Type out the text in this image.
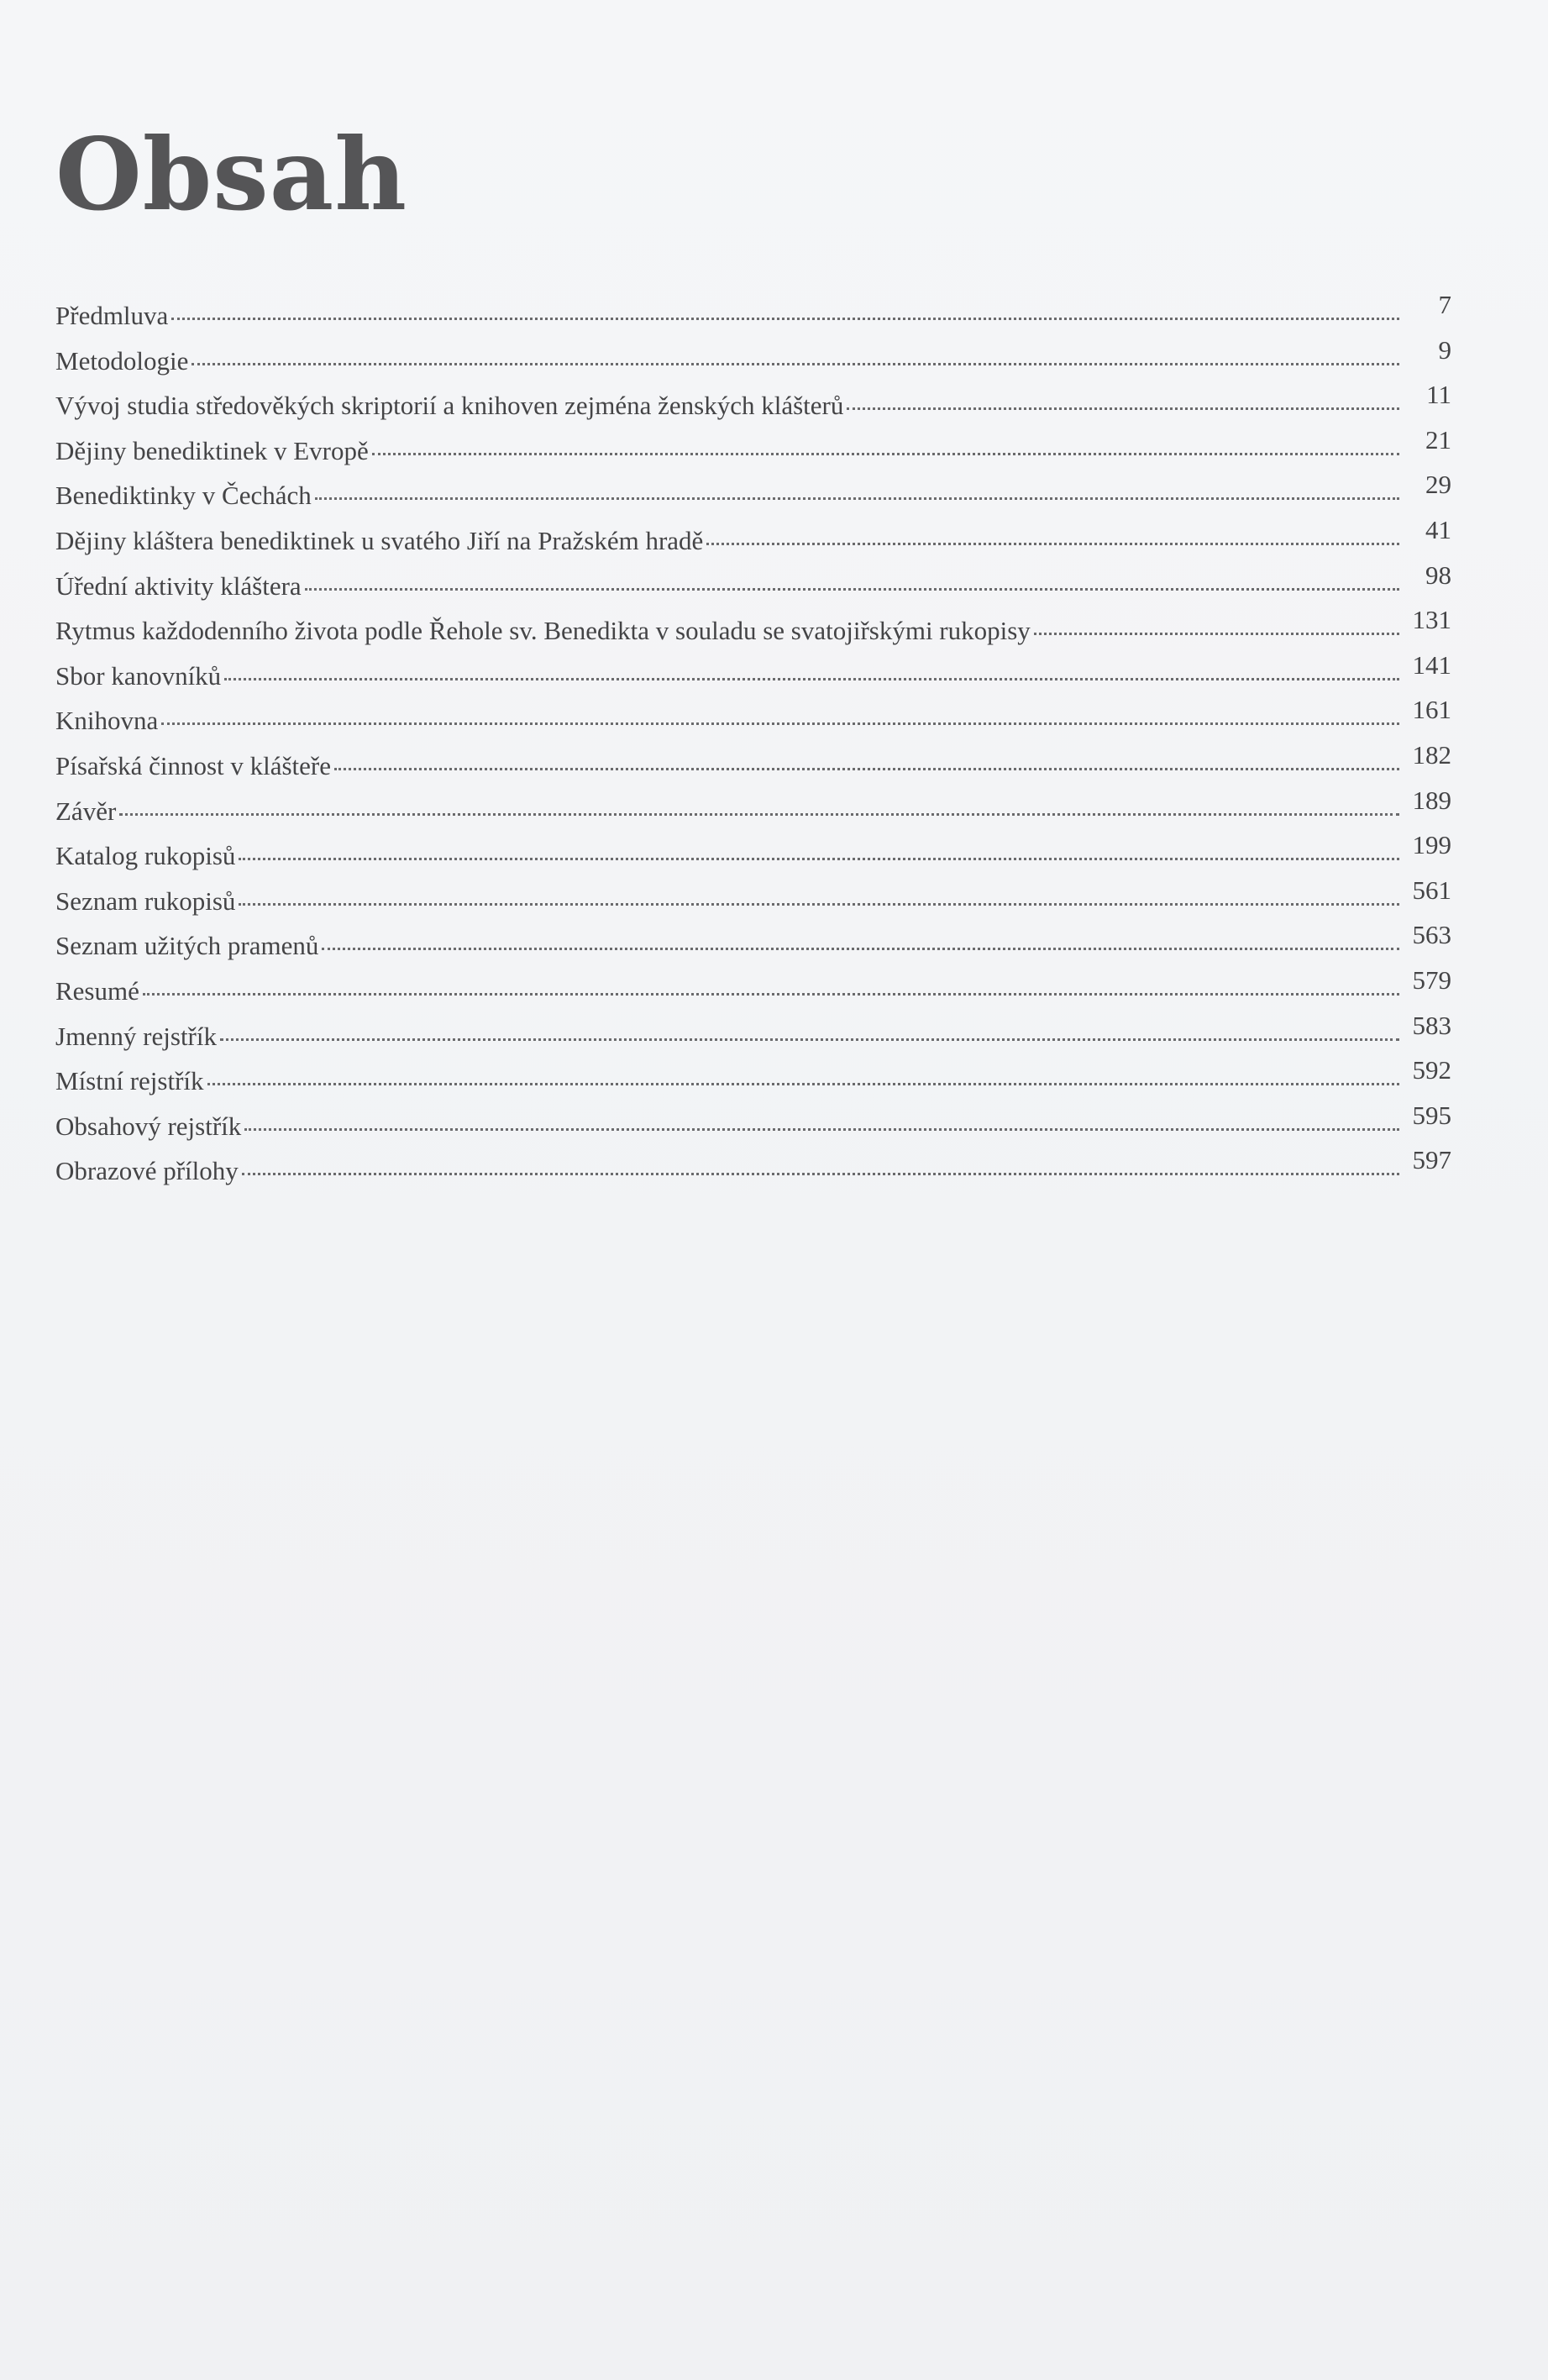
Obsah
Předmluva	7
Metodologie	9
Vývoj studia středověkých skriptorií a knihoven zejména ženských klášterů	11
Dějiny benediktinek v Evropě	21
Benediktinky v Čechách	29
Dějiny kláštera benediktinek u svatého Jiří na Pražském hradě	41
Úřední aktivity kláštera	98
Rytmus každodenního života podle Řehole sv. Benedikta v souladu se svatojiřskými rukopisy	131
Sbor kanovníků	141
Knihovna	161
Písařská činnost v klášteře	182
Závěr	189
Katalog rukopisů	199
Seznam rukopisů	561
Seznam užitých pramenů	563
Resumé	579
Jmenný rejstřík	583
Místní rejstřík	592
Obsahový rejstřík	595
Obrazové přílohy	597
